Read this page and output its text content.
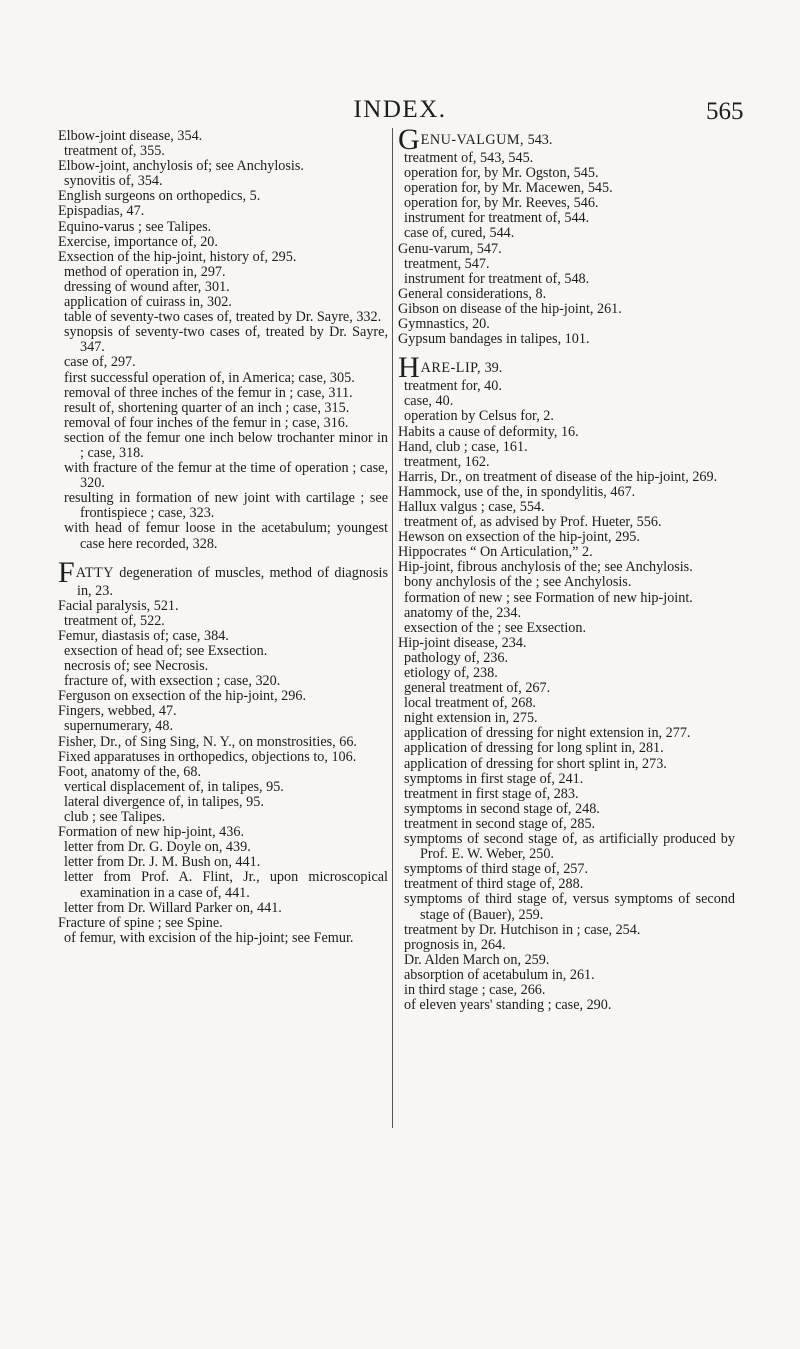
INDEX.	565
Elbow-joint disease, 354.
treatment of, 355.
Elbow-joint, anchylosis of; see Anchylosis.
synovitis of, 354.
English surgeons on orthopedics, 5.
Epispadias, 47.
Equino-varus ; see Talipes.
Exercise, importance of, 20.
Exsection of the hip-joint, history of, 295.
method of operation in, 297.
dressing of wound after, 301.
application of cuirass in, 302.
table of seventy-two cases of, treated by Dr. Sayre, 332.
synopsis of seventy-two cases of, treated by Dr. Sayre, 347.
case of, 297.
first successful operation of, in America; case, 305.
removal of three inches of the femur in ; case, 311.
result of, shortening quarter of an inch ; case, 315.
removal of four inches of the femur in ; case, 316.
section of the femur one inch below trochanter minor in ; case, 318.
with fracture of the femur at the time of operation ; case, 320.
resulting in formation of new joint with cartilage ; see frontispiece ; case, 323.
with head of femur loose in the acetabulum; youngest case here recorded, 328.
FATTY degeneration of muscles, method of diagnosis in, 23.
Facial paralysis, 521.
treatment of, 522.
Femur, diastasis of; case, 384.
exsection of head of; see Exsection.
necrosis of; see Necrosis.
fracture of, with exsection ; case, 320.
Ferguson on exsection of the hip-joint, 296.
Fingers, webbed, 47.
supernumerary, 48.
Fisher, Dr., of Sing Sing, N. Y., on monstrosities, 66.
Fixed apparatuses in orthopedics, objections to, 106.
Foot, anatomy of the, 68.
vertical displacement of, in talipes, 95.
lateral divergence of, in talipes, 95.
club ; see Talipes.
Formation of new hip-joint, 436.
letter from Dr. G. Doyle on, 439.
letter from Dr. J. M. Bush on, 441.
letter from Prof. A. Flint, Jr., upon microscopical examination in a case of, 441.
letter from Dr. Willard Parker on, 441.
Fracture of spine ; see Spine.
of femur, with excision of the hip-joint; see Femur.
GENU-VALGUM, 543.
treatment of, 543, 545.
operation for, by Mr. Ogston, 545.
operation for, by Mr. Macewen, 545.
operation for, by Mr. Reeves, 546.
instrument for treatment of, 544.
case of, cured, 544.
Genu-varum, 547.
treatment, 547.
instrument for treatment of, 548.
General considerations, 8.
Gibson on disease of the hip-joint, 261.
Gymnastics, 20.
Gypsum bandages in talipes, 101.
HARE-LIP, 39.
treatment for, 40.
case, 40.
operation by Celsus for, 2.
Habits a cause of deformity, 16.
Hand, club ; case, 161.
treatment, 162.
Harris, Dr., on treatment of disease of the hip-joint, 269.
Hammock, use of the, in spondylitis, 467.
Hallux valgus ; case, 554.
treatment of, as advised by Prof. Hueter, 556.
Hewson on exsection of the hip-joint, 295.
Hippocrates “ On Articulation,” 2.
Hip-joint, fibrous anchylosis of the; see Anchylosis.
bony anchylosis of the ; see Anchylosis.
formation of new ; see Formation of new hip-joint.
anatomy of the, 234.
exsection of the ; see Exsection.
Hip-joint disease, 234.
pathology of, 236.
etiology of, 238.
general treatment of, 267.
local treatment of, 268.
night extension in, 275.
application of dressing for night extension in, 277.
application of dressing for long splint in, 281.
application of dressing for short splint in, 273.
symptoms in first stage of, 241.
treatment in first stage of, 283.
symptoms in second stage of, 248.
treatment in second stage of, 285.
symptoms of second stage of, as artificially produced by Prof. E. W. Weber, 250.
symptoms of third stage of, 257.
treatment of third stage of, 288.
symptoms of third stage of, versus symptoms of second stage of (Bauer), 259.
treatment by Dr. Hutchison in ; case, 254.
prognosis in, 264.
Dr. Alden March on, 259.
absorption of acetabulum in, 261.
in third stage ; case, 266.
of eleven years' standing ; case, 290.
